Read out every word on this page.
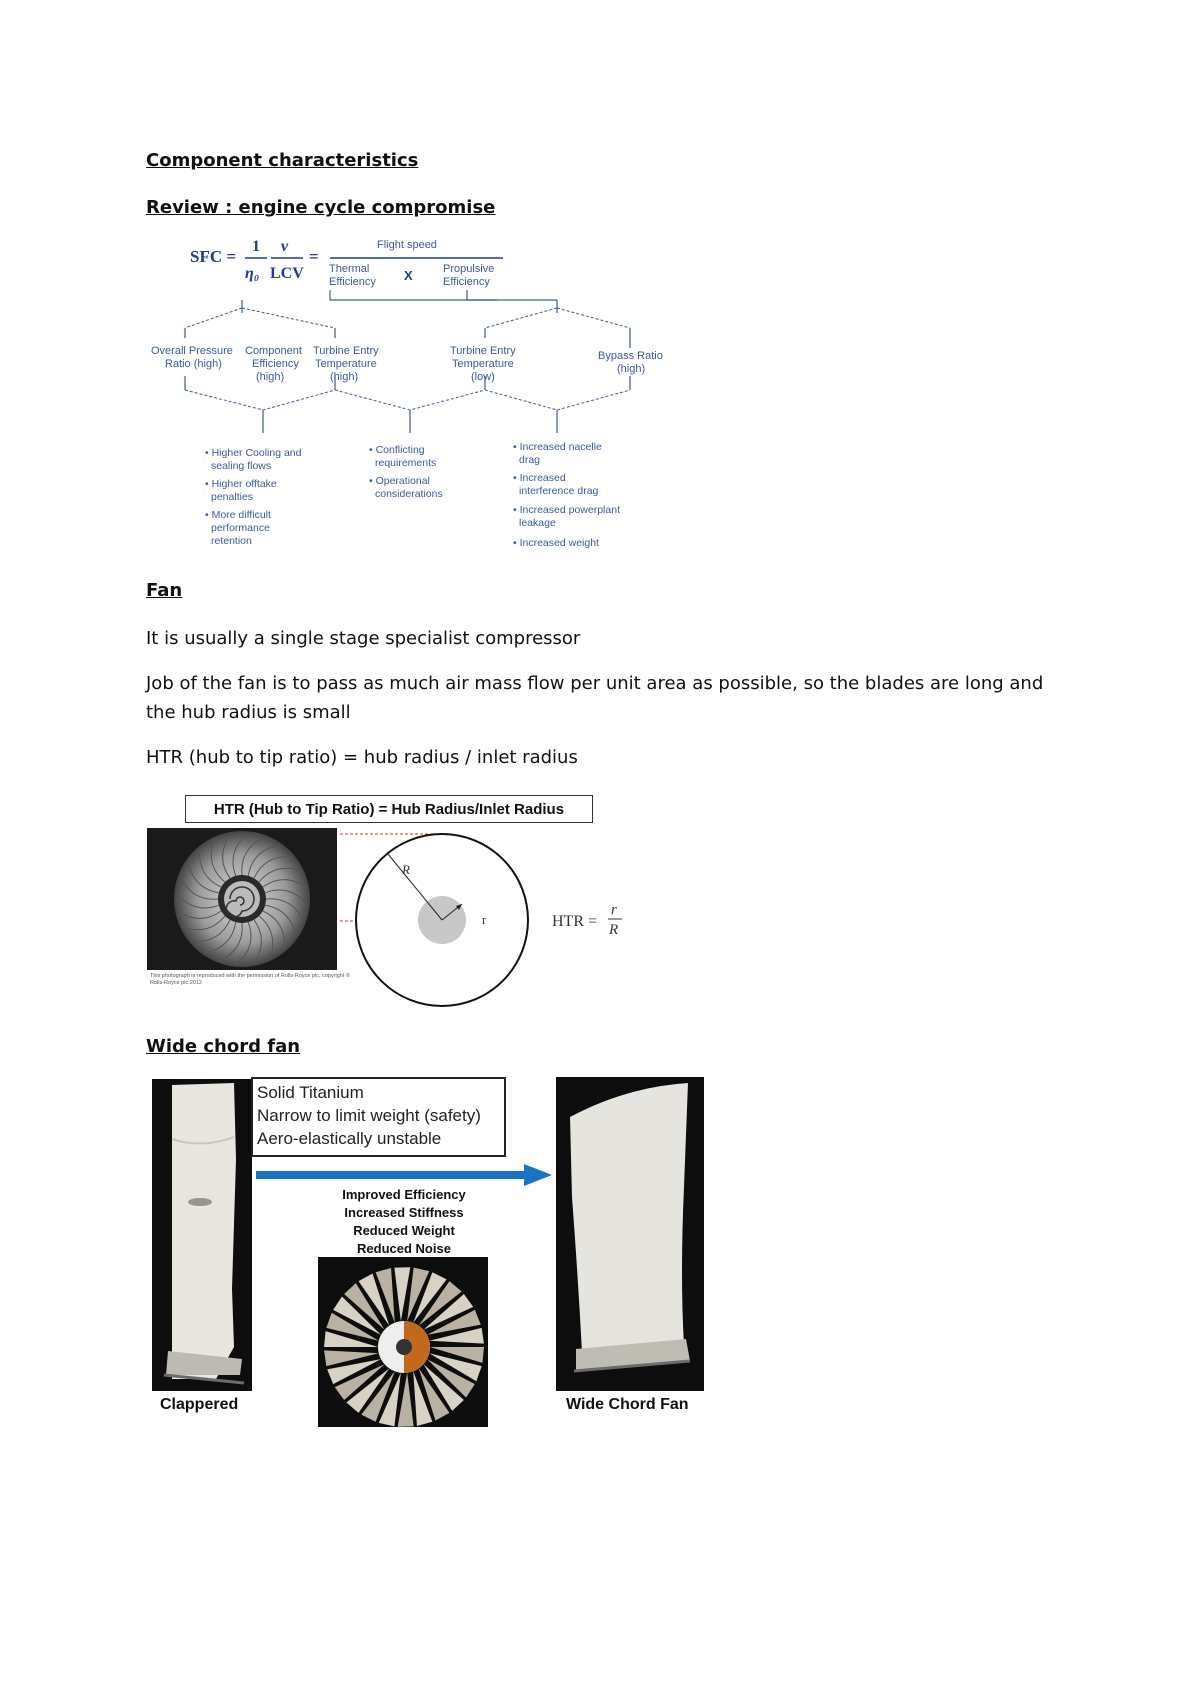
Component characteristics
Review : engine cycle compromise
SFC =
1
η₀
v
LCV
=
Flight speed
Thermal
Efficiency X	Propulsive
Efficiency
Overall Pressure
Ratio (high)
Component
Efficiency
(high)
Turbine Entry
Temperature
(high)
Turbine Entry
Temperature
(low)
Bypass Ratio
(high)
• Higher Cooling and
sealing flows
• Higher offtake
penalties
• More difficult
performance
retention
• Conflicting
requirements
• Operational
considerations
• Increased nacelle
drag
• Increased
interference drag
• Increased powerplant
leakage
• Increased weight
Fan
It is usually a single stage specialist compressor
Job of the fan is to pass as much air mass flow per unit area as possible, so the blades are long and the hub radius is small
HTR (hub to tip ratio) = hub radius / inlet radius
HTR (Hub to Tip Ratio) = Hub Radius/Inlet Radius
This photograph is reproduced with the permission of Rolls-Royce plc, copyright © Rolls-Royce plc 2012
R
r	HTR =
r
R
Wide chord fan
Solid Titanium
Narrow to limit weight (safety)
Aero-elastically unstable
Improved Efficiency
Increased Stiffness
Reduced Weight
Reduced Noise
Clappered	Wide Chord Fan
